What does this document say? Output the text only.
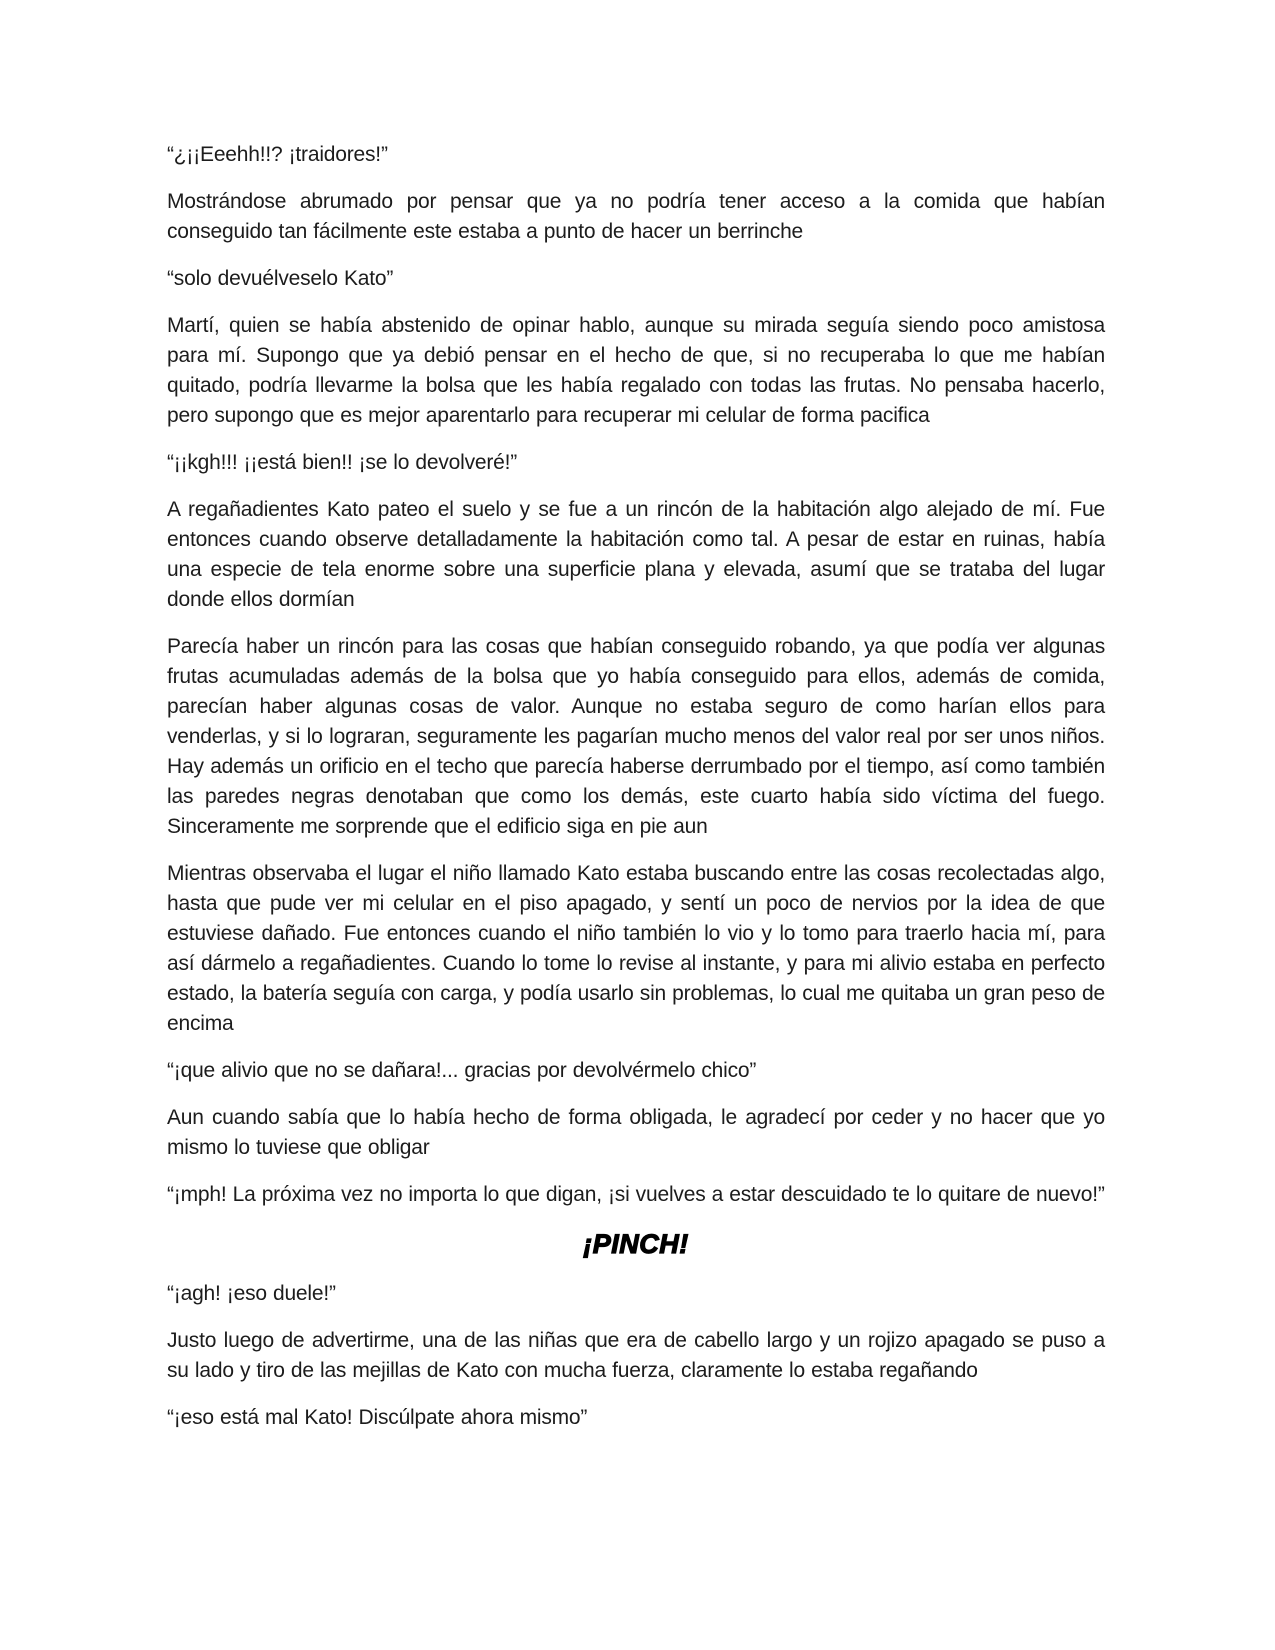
“¿¡¡Eeehh!!? ¡traidores!”

Mostrándose abrumado por pensar que ya no podría tener acceso a la comida que habían conseguido tan fácilmente este estaba a punto de hacer un berrinche

“solo devuélveselo Kato”

Martí, quien se había abstenido de opinar hablo, aunque su mirada seguía siendo poco amistosa para mí. Supongo que ya debió pensar en el hecho de que, si no recuperaba lo que me habían quitado, podría llevarme la bolsa que les había regalado con todas las frutas. No pensaba hacerlo, pero supongo que es mejor aparentarlo para recuperar mi celular de forma pacifica

“¡¡kgh!!! ¡¡está bien!! ¡se lo devolveré!”

A regañadientes Kato pateo el suelo y se fue a un rincón de la habitación algo alejado de mí. Fue entonces cuando observe detalladamente la habitación como tal. A pesar de estar en ruinas, había una especie de tela enorme sobre una superficie plana y elevada, asumí que se trataba del lugar donde ellos dormían

Parecía haber un rincón para las cosas que habían conseguido robando, ya que podía ver algunas frutas acumuladas además de la bolsa que yo había conseguido para ellos, además de comida, parecían haber algunas cosas de valor. Aunque no estaba seguro de como harían ellos para venderlas, y si lo lograran, seguramente les pagarían mucho menos del valor real por ser unos niños. Hay además un orificio en el techo que parecía haberse derrumbado por el tiempo, así como también las paredes negras denotaban que como los demás, este cuarto había sido víctima del fuego. Sinceramente me sorprende que el edificio siga en pie aun

Mientras observaba el lugar el niño llamado Kato estaba buscando entre las cosas recolectadas algo, hasta que pude ver mi celular en el piso apagado, y sentí un poco de nervios por la idea de que estuviese dañado. Fue entonces cuando el niño también lo vio y lo tomo para traerlo hacia mí, para así dármelo a regañadientes. Cuando lo tome lo revise al instante, y para mi alivio estaba en perfecto estado, la batería seguía con carga, y podía usarlo sin problemas, lo cual me quitaba un gran peso de encima

“¡que alivio que no se dañara!... gracias por devolvérmelo chico”

Aun cuando sabía que lo había hecho de forma obligada, le agradecí por ceder y no hacer que yo mismo lo tuviese que obligar

“¡mph! La próxima vez no importa lo que digan, ¡si vuelves a estar descuidado te lo quitare de nuevo!”

¡PINCH!

“¡agh! ¡eso duele!”

Justo luego de advertirme, una de las niñas que era de cabello largo y un rojizo apagado se puso a su lado y tiro de las mejillas de Kato con mucha fuerza, claramente lo estaba regañando

“¡eso está mal Kato! Discúlpate ahora mismo”
